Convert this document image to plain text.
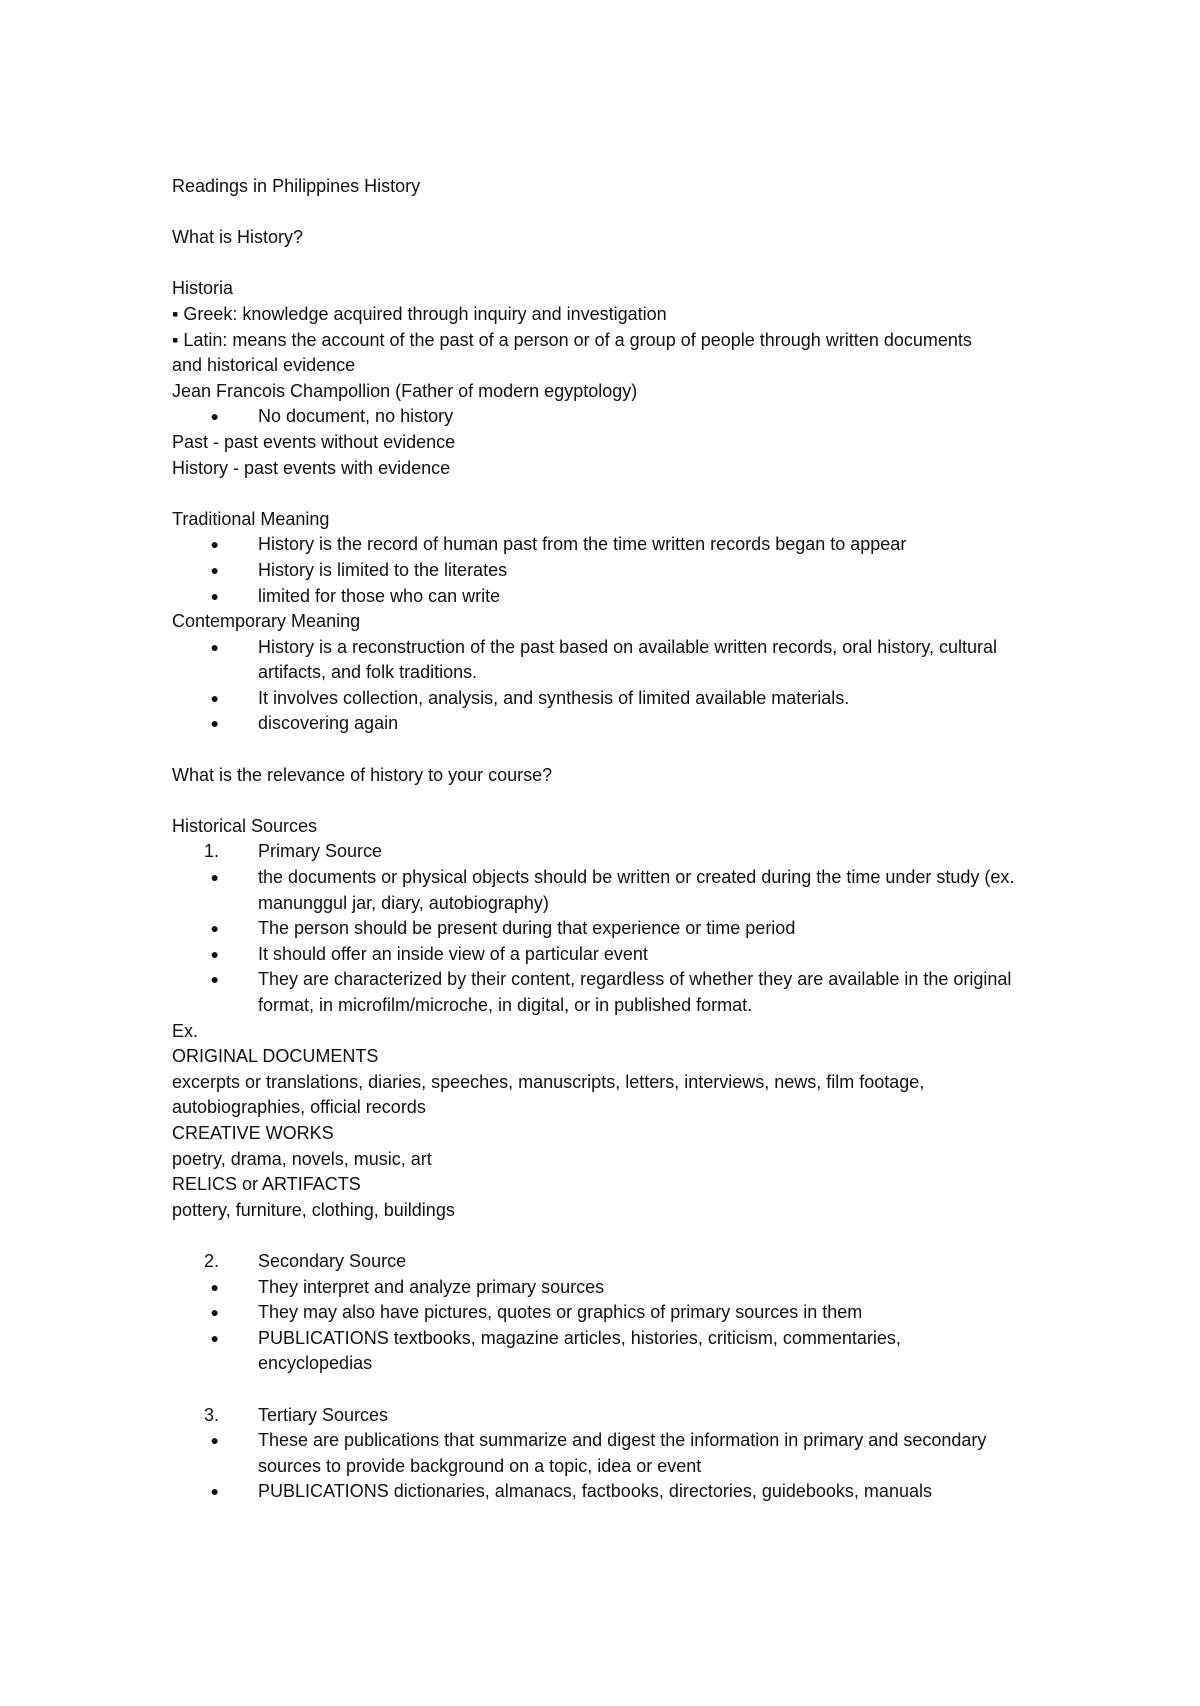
Readings in Philippines History

What is History?

Historia

▪ Greek: knowledge acquired through inquiry and investigation

▪ Latin: means the account of the past of a person or of a group of people through written documents and historical evidence

Jean Francois Champollion (Father of modern egyptology)

●	No document, no history

Past - past events without evidence

History - past events with evidence

Traditional Meaning

●	History is the record of human past from the time written records began to appear
●	History is limited to the literates
●	limited for those who can write

Contemporary Meaning

●	History is a reconstruction of the past based on available written records, oral history, cultural artifacts, and folk traditions.
●	It involves collection, analysis, and synthesis of limited available materials.
●	discovering again

What is the relevance of history to your course?

Historical Sources

1.	Primary Source
●	the documents or physical objects should be written or created during the time under study (ex. manunggul jar, diary, autobiography)
●	The person should be present during that experience or time period
●	It should offer an inside view of a particular event
●	They are characterized by their content, regardless of whether they are available in the original format, in microfilm/microche, in digital, or in published format.

Ex.

ORIGINAL DOCUMENTS

excerpts or translations, diaries, speeches, manuscripts, letters, interviews, news, film footage, autobiographies, official records

CREATIVE WORKS

poetry, drama, novels, music, art

RELICS or ARTIFACTS

pottery, furniture, clothing, buildings

2.	Secondary Source
●	They interpret and analyze primary sources
●	They may also have pictures, quotes or graphics of primary sources in them
●	PUBLICATIONS textbooks, magazine articles, histories, criticism, commentaries, encyclopedias
3.	Tertiary Sources
●	These are publications that summarize and digest the information in primary and secondary sources to provide background on a topic, idea or event
●	PUBLICATIONS dictionaries, almanacs, factbooks, directories, guidebooks, manuals
